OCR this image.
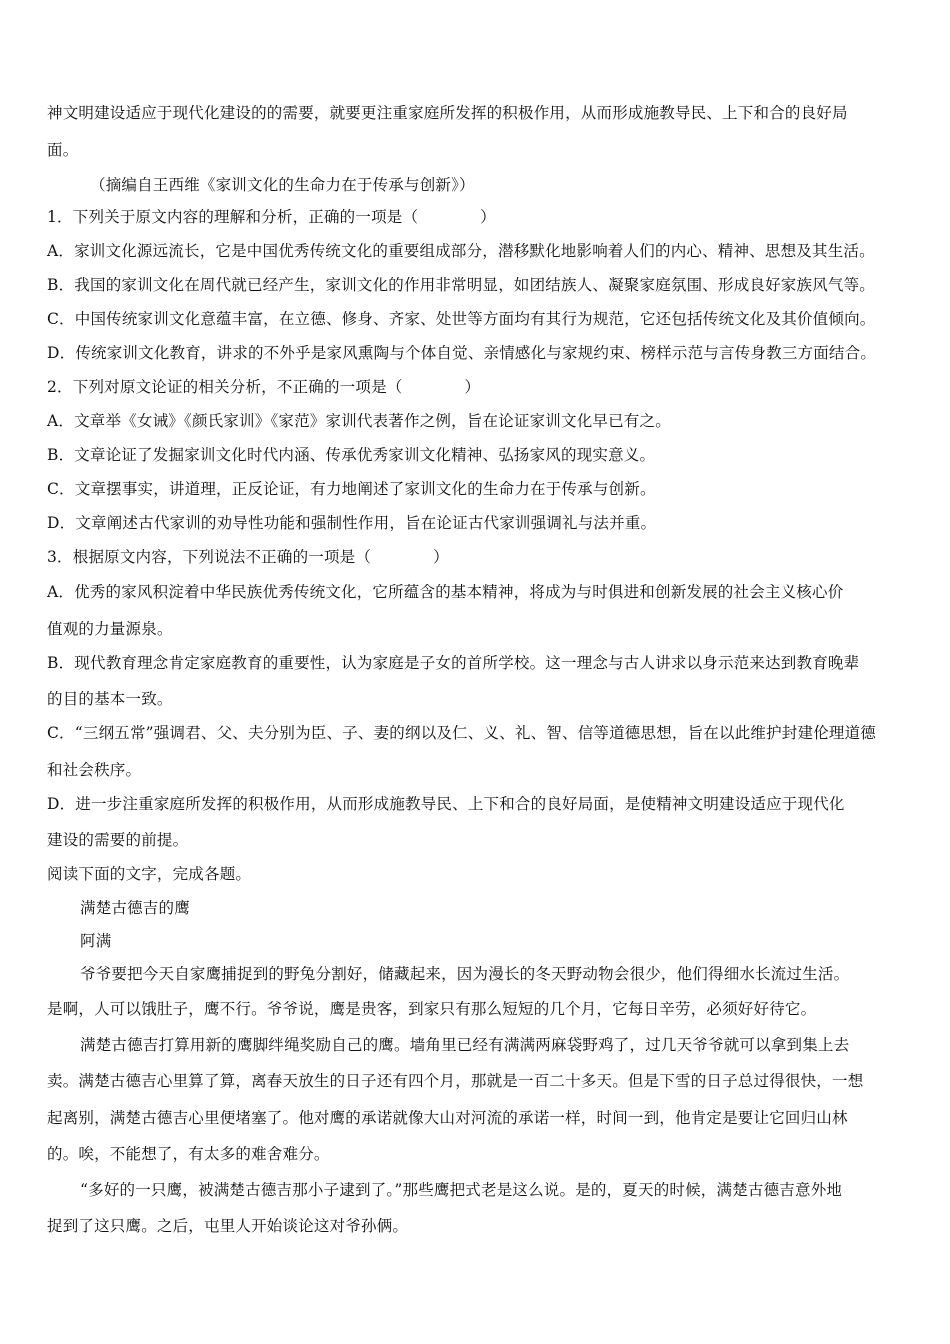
神文明建设适应于现代化建设的的需要，就要更注重家庭所发挥的积极作用，从而形成施教导民、上下和合的良好局
面。
（摘编自王西维《家训文化的生命力在于传承与创新》）
1．下列关于原文内容的理解和分析，正确的一项是（	）
A．家训文化源远流长，它是中国优秀传统文化的重要组成部分，潜移默化地影响着人们的内心、精神、思想及其生活。
B．我国的家训文化在周代就已经产生，家训文化的作用非常明显，如团结族人、凝聚家庭氛围、形成良好家族风气等。
C．中国传统家训文化意蕴丰富，在立德、修身、齐家、处世等方面均有其行为规范，它还包括传统文化及其价值倾向。
D．传统家训文化教育，讲求的不外乎是家风熏陶与个体自觉、亲情感化与家规约束、榜样示范与言传身教三方面结合。
2．下列对原文论证的相关分析，不正确的一项是（	）
A．文章举《女诫》《颜氏家训》《家范》家训代表著作之例，旨在论证家训文化早已有之。
B．文章论证了发掘家训文化时代内涵、传承优秀家训文化精神、弘扬家风的现实意义。
C．文章摆事实，讲道理，正反论证，有力地阐述了家训文化的生命力在于传承与创新。
D．文章阐述古代家训的劝导性功能和强制性作用，旨在论证古代家训强调礼与法并重。
3．根据原文内容，下列说法不正确的一项是（	）
A．优秀的家风积淀着中华民族优秀传统文化，它所蕴含的基本精神，将成为与时俱进和创新发展的社会主义核心价
值观的力量源泉。
B．现代教育理念肯定家庭教育的重要性，认为家庭是子女的首所学校。这一理念与古人讲求以身示范来达到教育晚辈
的目的基本一致。
C．“三纲五常”强调君、父、夫分别为臣、子、妻的纲以及仁、义、礼、智、信等道德思想，旨在以此维护封建伦理道德
和社会秩序。
D．进一步注重家庭所发挥的积极作用，从而形成施教导民、上下和合的良好局面，是使精神文明建设适应于现代化
建设的需要的前提。
阅读下面的文字，完成各题。
满楚古德吉的鹰
阿满
爷爷要把今天自家鹰捕捉到的野兔分割好，储藏起来，因为漫长的冬天野动物会很少，他们得细水长流过生活。
是啊，人可以饿肚子，鹰不行。爷爷说，鹰是贵客，到家只有那么短短的几个月，它每日辛劳，必须好好待它。
满楚古德吉打算用新的鹰脚绊绳奖励自己的鹰。墙角里已经有满满两麻袋野鸡了，过几天爷爷就可以拿到集上去
卖。满楚古德吉心里算了算，离春天放生的日子还有四个月，那就是一百二十多天。但是下雪的日子总过得很快，一想
起离别，满楚古德吉心里便堵塞了。他对鹰的承诺就像大山对河流的承诺一样，时间一到，他肯定是要让它回归山林
的。唉，不能想了，有太多的难舍难分。
“多好的一只鹰，被满楚古德吉那小子逮到了。”那些鹰把式老是这么说。是的，夏天的时候，满楚古德吉意外地
捉到了这只鹰。之后，屯里人开始谈论这对爷孙俩。
